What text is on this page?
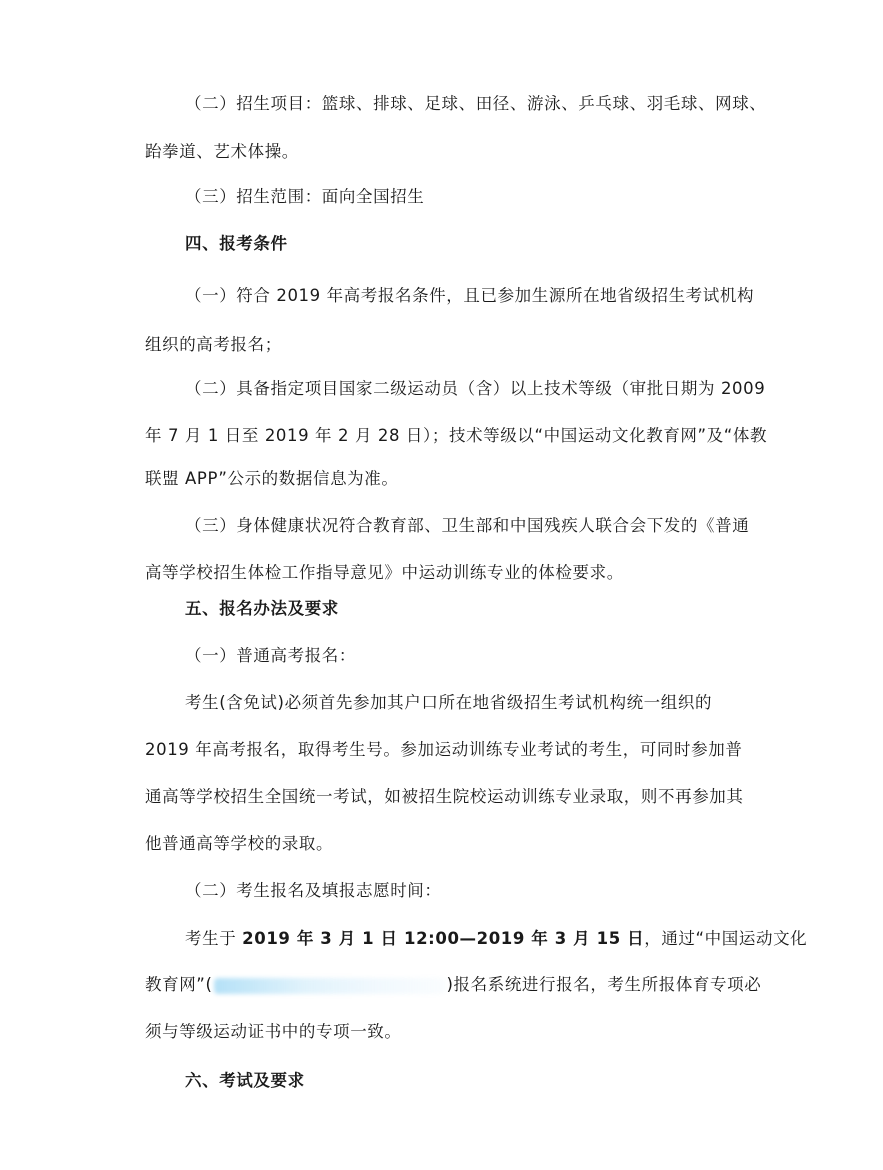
（二）招生项目：篮球、排球、足球、田径、游泳、乒乓球、羽毛球、网球、
跆拳道、艺术体操。
（三）招生范围：面向全国招生
四、报考条件
（一）符合 2019 年高考报名条件，且已参加生源所在地省级招生考试机构
组织的高考报名；
（二）具备指定项目国家二级运动员（含）以上技术等级（审批日期为 2009
年 7 月 1 日至 2019 年 2 月 28 日）；技术等级以“中国运动文化教育网”及“体教
联盟 APP”公示的数据信息为准。
（三）身体健康状况符合教育部、卫生部和中国残疾人联合会下发的《普通
高等学校招生体检工作指导意见》中运动训练专业的体检要求。
五、报名办法及要求
（一）普通高考报名：
考生(含免试)必须首先参加其户口所在地省级招生考试机构统一组织的
2019 年高考报名，取得考生号。参加运动训练专业考试的考生，可同时参加普
通高等学校招生全国统一考试，如被招生院校运动训练专业录取，则不再参加其
他普通高等学校的录取。
（二）考生报名及填报志愿时间：
考生于 2019 年 3 月 1 日 12:00—2019 年 3 月 15 日，通过“中国运动文化
教育网”(	)报名系统进行报名，考生所报体育专项必
须与等级运动证书中的专项一致。
六、考试及要求
